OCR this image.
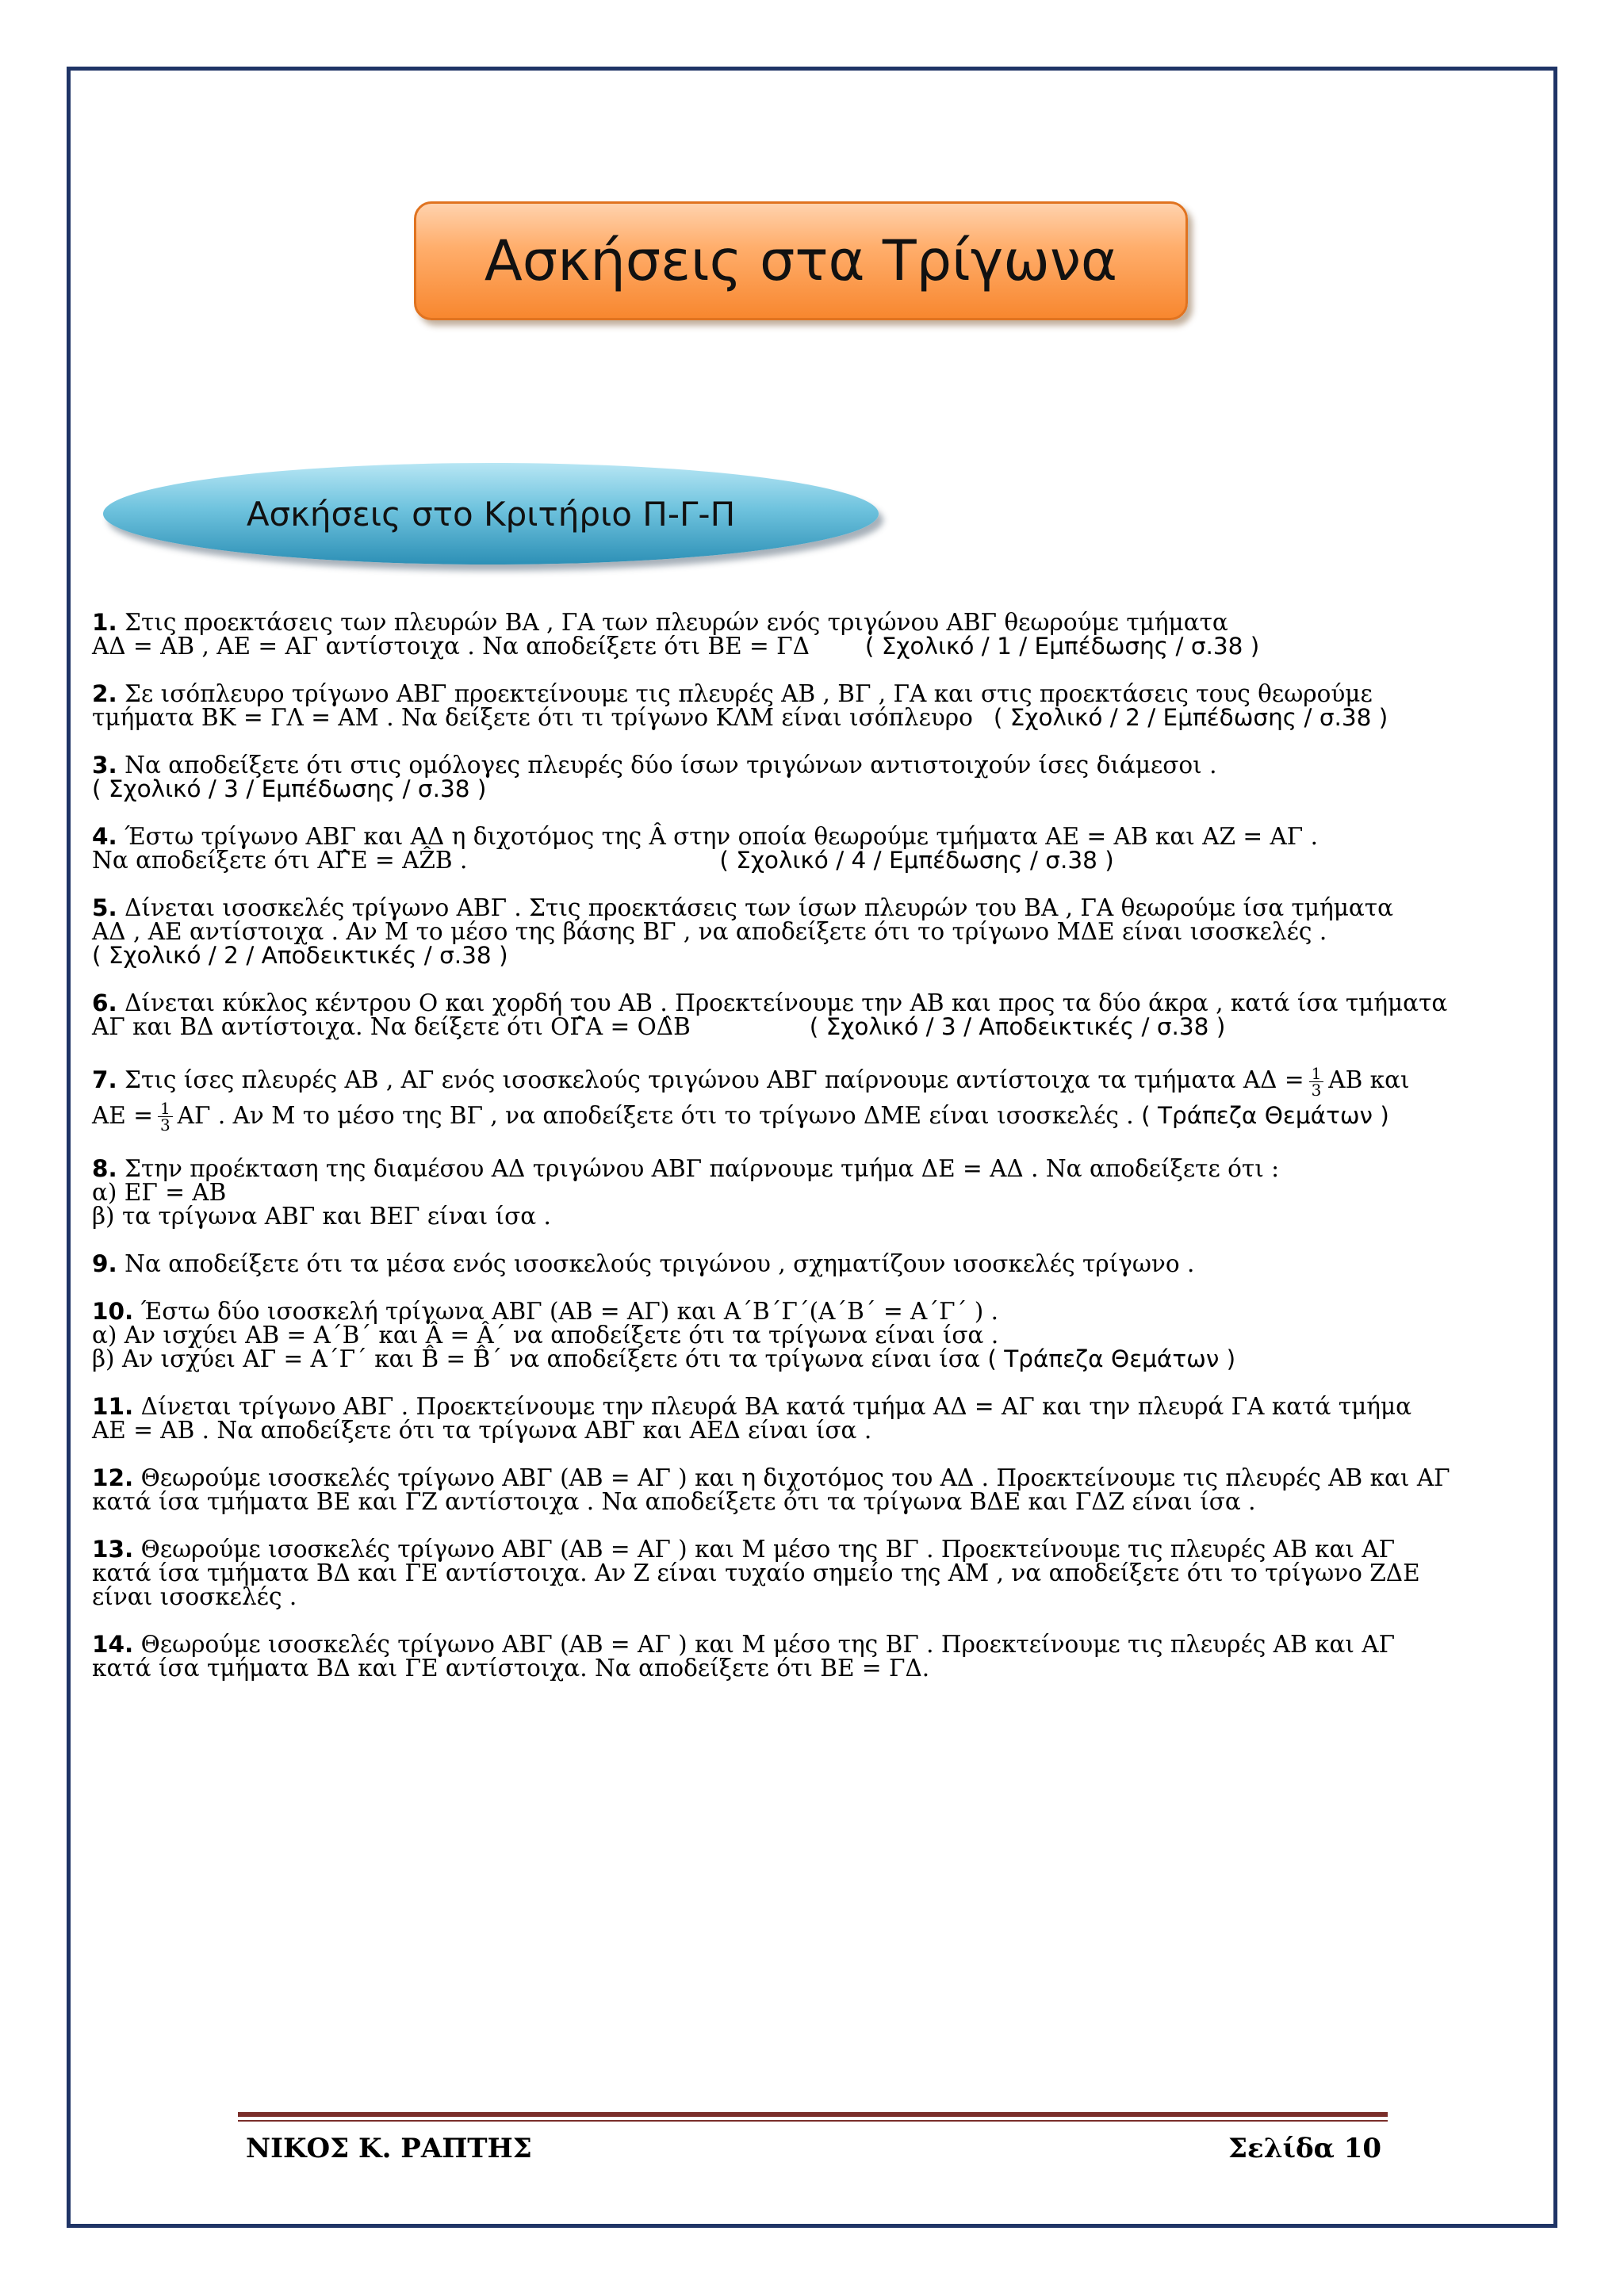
Ασκήσεις στα Τρίγωνα
Ασκήσεις στο Κριτήριο Π-Γ-Π

1. Στις προεκτάσεις των πλευρών ΒΑ , ΓΑ των πλευρών ενός τριγώνου ΑΒΓ θεωρούμε τμήματα

ΑΔ = ΑΒ , ΑΕ = ΑΓ αντίστοιχα . Να αποδείξετε ότι ΒΕ = ΓΔ ( Σχολικό / 1 / Εμπέδωσης / σ.38 )

2. Σε ισόπλευρο τρίγωνο ΑΒΓ προεκτείνουμε τις πλευρές ΑΒ , ΒΓ , ΓΑ και στις προεκτάσεις τους θεωρούμε

τμήματα ΒΚ = ΓΛ = ΑΜ . Να δείξετε ότι τι τρίγωνο ΚΛΜ είναι ισόπλευρο ( Σχολικό / 2 / Εμπέδωσης / σ.38 )

3. Να αποδείξετε ότι στις ομόλογες πλευρές δύο ίσων τριγώνων αντιστοιχούν ίσες διάμεσοι .

( Σχολικό / 3 / Εμπέδωσης / σ.38 )

4. Έστω τρίγωνο ΑΒΓ και ΑΔ η διχοτόμος της Â στην οποία θεωρούμε τμήματα ΑΕ = ΑΒ και ΑΖ = ΑΓ .

Να αποδείξετε ότι ΑΓ̂Ε = ΑẐΒ .	( Σχολικό / 4 / Εμπέδωσης / σ.38 )

5. Δίνεται ισοσκελές τρίγωνο ΑΒΓ . Στις προεκτάσεις των ίσων πλευρών του ΒΑ , ΓΑ θεωρούμε ίσα τμήματα

ΑΔ , ΑΕ αντίστοιχα . Αν Μ το μέσο της βάσης ΒΓ , να αποδείξετε ότι το τρίγωνο ΜΔΕ είναι ισοσκελές .

( Σχολικό / 2 / Αποδεικτικές / σ.38 )

6. Δίνεται κύκλος κέντρου Ο και χορδή του ΑΒ . Προεκτείνουμε την ΑΒ και προς τα δύο άκρα , κατά ίσα τμήματα

ΑΓ και ΒΔ αντίστοιχα. Να δείξετε ότι ΟΓ̂Α = ΟΔ̂Β	( Σχολικό / 3 / Αποδεικτικές / σ.38 )

7. Στις ίσες πλευρές ΑΒ , ΑΓ ενός ισοσκελούς τριγώνου ΑΒΓ παίρνουμε αντίστοιχα τα τμήματα $A\Delta = \frac{1}{3}$ ΑΒ και

$AE = \frac{1}{3}$ ΑΓ . Αν Μ το μέσο της ΒΓ , να αποδείξετε ότι το τρίγωνο ΔΜΕ είναι ισοσκελές . ( Τράπεζα Θεμάτων )

8. Στην προέκταση της διαμέσου ΑΔ τριγώνου ΑΒΓ παίρνουμε τμήμα ΔΕ = ΑΔ . Να αποδείξετε ότι :

α) ΕΓ = ΑΒ

β) τα τρίγωνα ΑΒΓ και ΒΕΓ είναι ίσα .

9. Να αποδείξετε ότι τα μέσα ενός ισοσκελούς τριγώνου , σχηματίζουν ισοσκελές τρίγωνο .

10. Έστω δύο ισοσκελή τρίγωνα ΑΒΓ (ΑΒ = ΑΓ) και Α΄Β΄Γ΄(Α΄Β΄ = Α΄Γ΄ ) .

α) Αν ισχύει ΑΒ = Α΄Β΄ και Â = Â΄ να αποδείξετε ότι τα τρίγωνα είναι ίσα .

β) Αν ισχύει ΑΓ = Α΄Γ΄ και B̂ = B̂΄ να αποδείξετε ότι τα τρίγωνα είναι ίσα ( Τράπεζα Θεμάτων )

11. Δίνεται τρίγωνο ΑΒΓ . Προεκτείνουμε την πλευρά ΒΑ κατά τμήμα ΑΔ = ΑΓ και την πλευρά ΓΑ κατά τμήμα

ΑΕ = ΑΒ . Να αποδείξετε ότι τα τρίγωνα ΑΒΓ και ΑΕΔ είναι ίσα .

12. Θεωρούμε ισοσκελές τρίγωνο ΑΒΓ (ΑΒ = ΑΓ ) και η διχοτόμος του ΑΔ . Προεκτείνουμε τις πλευρές ΑΒ και ΑΓ

κατά ίσα τμήματα ΒΕ και ΓΖ αντίστοιχα . Να αποδείξετε ότι τα τρίγωνα ΒΔΕ και ΓΔΖ είναι ίσα .

13. Θεωρούμε ισοσκελές τρίγωνο ΑΒΓ (ΑΒ = ΑΓ ) και Μ μέσο της ΒΓ . Προεκτείνουμε τις πλευρές ΑΒ και ΑΓ

κατά ίσα τμήματα ΒΔ και ΓΕ αντίστοιχα. Αν Ζ είναι τυχαίο σημείο της ΑΜ , να αποδείξετε ότι το τρίγωνο ΖΔΕ

είναι ισοσκελές .

14. Θεωρούμε ισοσκελές τρίγωνο ΑΒΓ (ΑΒ = ΑΓ ) και Μ μέσο της ΒΓ . Προεκτείνουμε τις πλευρές ΑΒ και ΑΓ

κατά ίσα τμήματα ΒΔ και ΓΕ αντίστοιχα. Να αποδείξετε ότι ΒΕ = ΓΔ.

ΝΙΚΟΣ Κ. ΡΑΠΤΗΣ	Σελίδα 10
